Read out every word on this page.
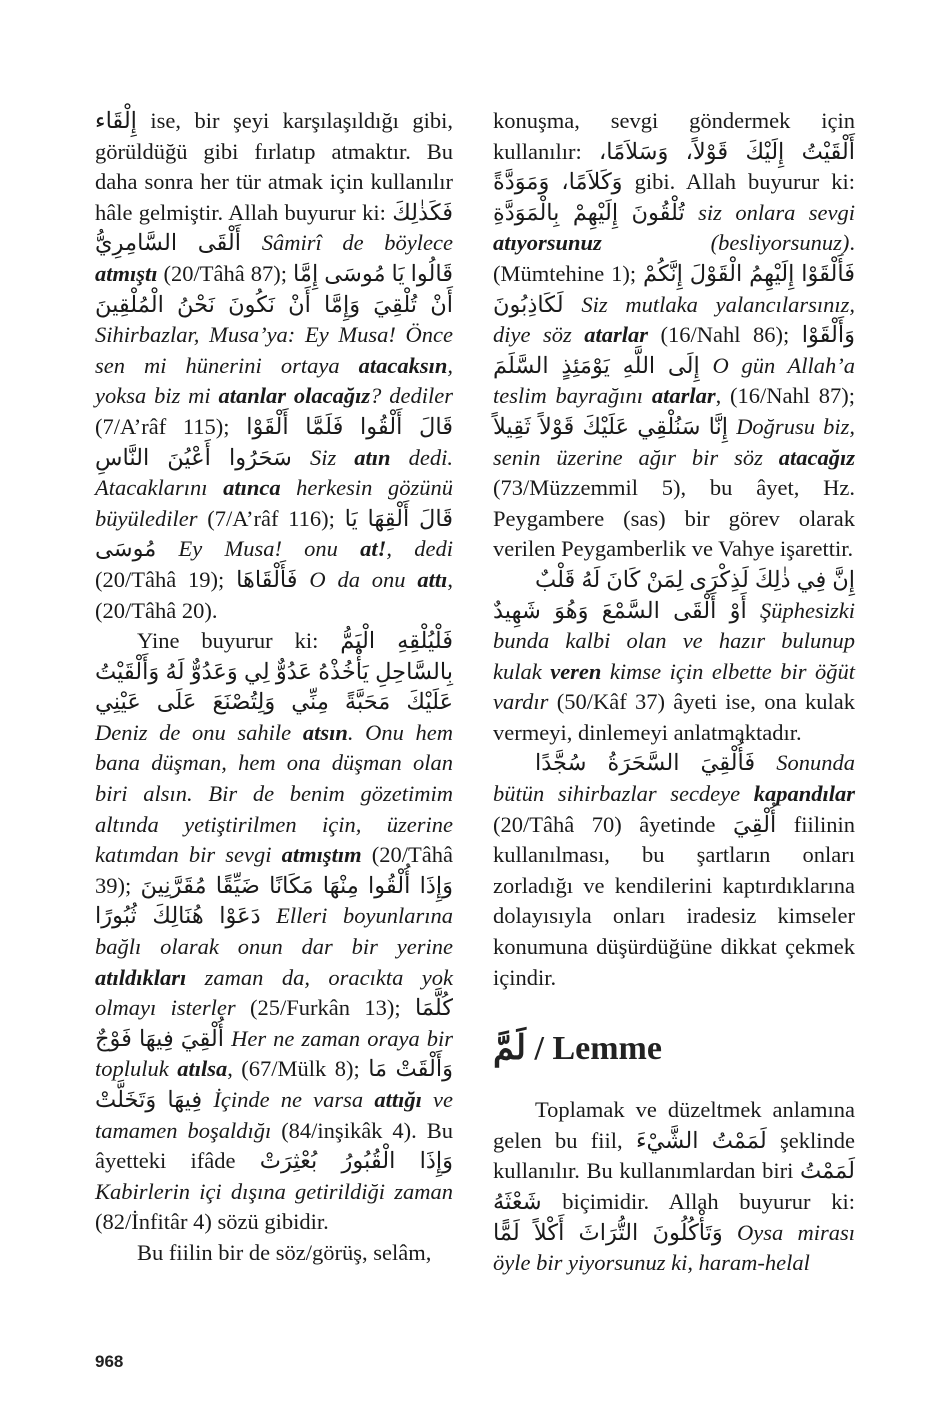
إِلْقَاء ise, bir şeyi karşılaşıldığı gibi, görüldüğü gibi fırlatıp atmaktır. Bu daha sonra her tür atmak için kullanılır hâle gelmiştir. Allah buyurur ki: فَكَذٰلِكَ أَلْقَى السَّامِرِيُّ Sâmirî de böylece atmıştı (20/Tâhâ 87); قَالُوا يَا مُوسَى إِمَّا أَنْ تُلْقِيَ وَإِمَّا أَنْ نَكُونَ نَحْنُ الْمُلْقِينَ Sihirbazlar, Musa’ya: Ey Musa! Önce sen mi hünerini ortaya atacaksın, yoksa biz mi atanlar olacağız? dediler (7/A’râf 115); قَالَ أَلْقُوا فَلَمَّا أَلْقَوْا سَحَرُوا أَعْيُنَ النَّاسِ Siz atın dedi. Atacaklarını atınca herkesin gözünü büyülediler (7/A’râf 116); قَالَ أَلْقِهَا يَا مُوسَى Ey Musa! onu at!, dedi (20/Tâhâ 19); فَأَلْقَاهَا O da onu attı, (20/Tâhâ 20).

Yine buyurur ki: فَلْيُلْقِهِ الْيَمُّ بِالسَّاحِلِ يَأْخُذْهُ عَدُوٌّ لِي وَعَدُوٌّ لَهُ وَأَلْقَيْتُ عَلَيْكَ مَحَبَّةً مِنِّي وَلِتُصْنَعَ عَلَى عَيْنِي Deniz de onu sahile atsın. Onu hem bana düşman, hem ona düşman olan biri alsın. Bir de benim gözetimim altında yetiştirilmen için, üzerine katımdan bir sevgi atmıştım (20/Tâhâ 39); وَإِذَا أُلْقُوا مِنْهَا مَكَانًا ضَيِّقًا مُقَرَّنِينَ دَعَوْا هُنَالِكَ ثُبُورًا Elleri boyunlarına bağlı olarak onun dar bir yerine atıldıkları zaman da, oracıkta yok olmayı isterler (25/Furkân 13); كُلَّمَا أُلْقِيَ فِيهَا فَوْجٌ Her ne zaman oraya bir topluluk atılsa, (67/Mülk 8); وَأَلْقَتْ مَا فِيهَا وَتَخَلَّتْ İçinde ne varsa attığı ve tamamen boşaldığı (84/inşikâk 4). Bu âyetteki ifâde وَإِذَا الْقُبُورُ بُعْثِرَتْ Kabirlerin içi dışına getirildiği zaman (82/İnfitâr 4) sözü gibidir.

Bu fiilin bir de söz/görüş, selâm,

konuşma, sevgi göndermek için kullanılır: أَلْقَيْتُ إِلَيْكَ قَوْلاً، وَسَلاَمًا، وَكَلاَمًا، وَمَوَدَّةً gibi. Allah buyurur ki: تُلْقُونَ إِلَيْهِمْ بِالْمَوَدَّةِ siz onlara sevgi atıyorsunuz (besliyorsunuz). (Mümtehine 1); فَأَلْقَوْا إِلَيْهِمُ الْقَوْلَ إِنَّكُمْ لَكَاذِبُونَ Siz mutlaka yalancılarsınız, diye söz atarlar (16/Nahl 86); وَأَلْقَوْا إِلَى اللَّهِ يَوْمَئِذٍ السَّلَمَ O gün Allah’a teslim bayrağını atarlar, (16/Nahl 87); إِنَّا سَنُلْقِي عَلَيْكَ قَوْلاً ثَقِيلاً Doğrusu biz, senin üzerine ağır bir söz atacağız (73/Müzzemmil 5), bu âyet, Hz. Peygambere (sas) bir görev olarak verilen Peygamberlik ve Vahye işarettir.

إِنَّ فِي ذٰلِكَ لَذِكْرَى لِمَنْ كَانَ لَهُ قَلْبٌ أَوْ أَلْقَى السَّمْعَ وَهُوَ شَهِيدٌ Şüphesizki bunda kalbi olan ve hazır bulunup kulak veren kimse için elbette bir öğüt vardır (50/Kâf 37) âyeti ise, ona kulak vermeyi, dinlemeyi anlatmaktadır.

فَأُلْقِيَ السَّحَرَةُ سُجَّدًا Sonunda bütün sihirbazlar secdeye kapandılar (20/Tâhâ 70) âyetinde أُلْقِيَ fiilinin kullanılması, bu şartların onları zorladığı ve kendilerini kaptırdıklarına dolayısıyla onları iradesiz kimseler konumuna düşürdüğüne dikkat çekmek içindir.

لَمَّ / Lemme

Toplamak ve düzeltmek anlamına gelen bu fiil, لَمَمْتُ الشَّيْءَ şeklinde kullanılır. Bu kullanımlardan biri لَمَمْتُ شَعْثَهُ biçimidir. Allah buyurur ki: وَتَأْكُلُونَ التُّرَاثَ أَكْلاً لَمًّا Oysa mirası öyle bir yiyorsunuz ki, haram-helal

968
